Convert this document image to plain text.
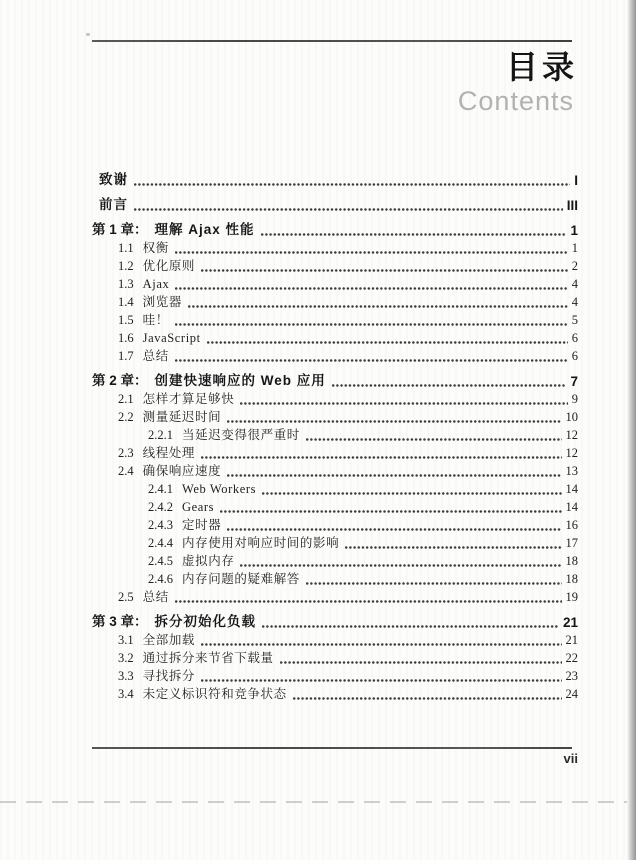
目录
Contents
致谢	I
前言	III
第 1 章： 理解 Ajax 性能	1
1.1 权衡	1
1.2 优化原则	2
1.3 Ajax	4
1.4 浏览器	4
1.5 哇！	5
1.6 JavaScript	6
1.7 总结	6
第 2 章： 创建快速响应的 Web 应用	7
2.1 怎样才算足够快	9
2.2 测量延迟时间	10
2.2.1 当延迟变得很严重时	12
2.3 线程处理	12
2.4 确保响应速度	13
2.4.1 Web Workers	14
2.4.2 Gears	14
2.4.3 定时器	16
2.4.4 内存使用对响应时间的影响	17
2.4.5 虚拟内存	18
2.4.6 内存问题的疑难解答	18
2.5 总结	19
第 3 章： 拆分初始化负载	21
3.1 全部加载	21
3.2 通过拆分来节省下载量	22
3.3 寻找拆分	23
3.4 未定义标识符和竞争状态	24
vii
